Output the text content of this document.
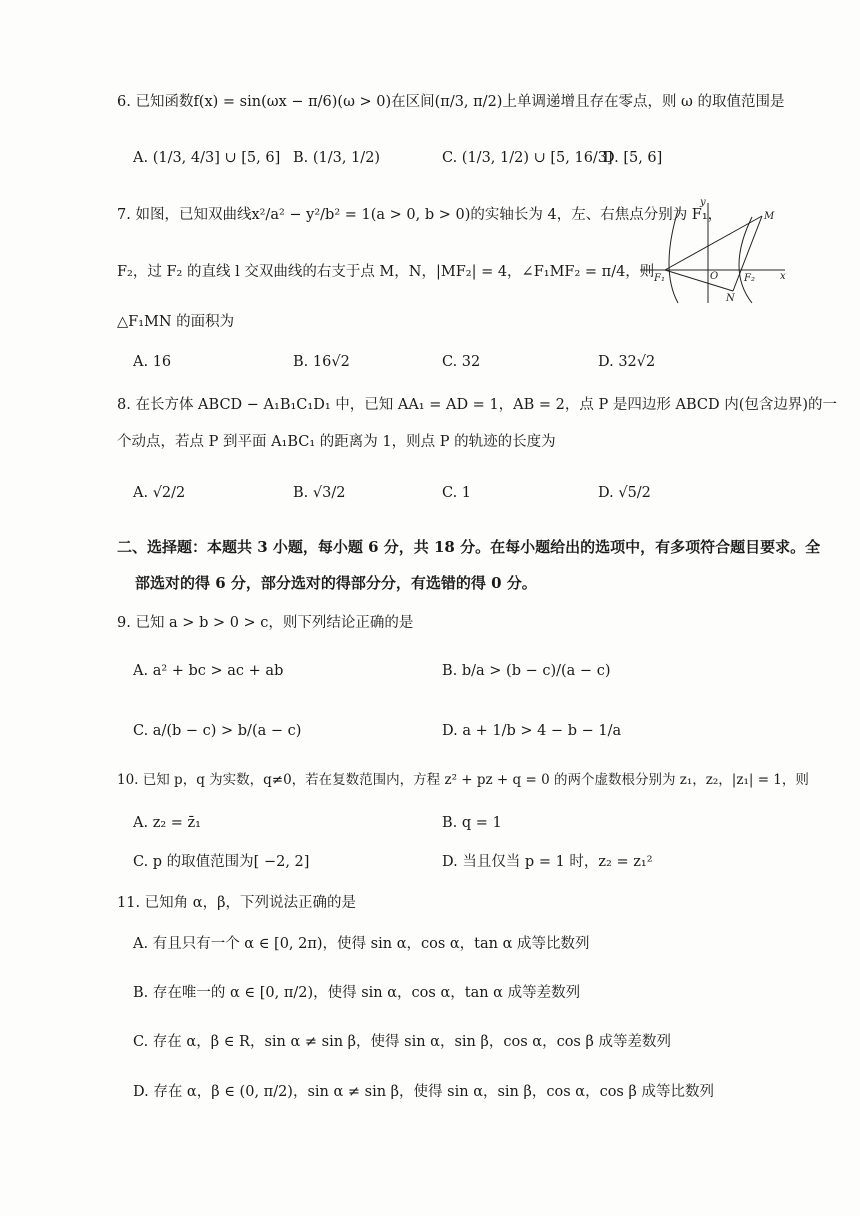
6. 已知函数f(x) = sin(ωx − π/6)(ω > 0)在区间(π/3, π/2)上单调递增且存在零点，则 ω 的取值范围是
A. (1/3, 4/3] ∪ [5, 6] B. (1/3, 1/2)	C. (1/3, 1/2) ∪ [5, 16/3]
D. [5, 6]
7. 如图，已知双曲线x²/a² − y²/b² = 1(a > 0, b > 0)的实轴长为 4，左、右焦点分别为 F₁，
F₂，过 F₂ 的直线 l 交双曲线的右支于点 M，N，|MF₂| = 4，∠F₁MF₂ = π/4，则
△F₁MN 的面积为
A. 16	B. 16√2	C. 32	D. 32√2
y
M
F₁	O	F₂	x
N
8. 在长方体 ABCD − A₁B₁C₁D₁ 中，已知 AA₁ = AD = 1，AB = 2，点 P 是四边形 ABCD 内(包含边界)的一
个动点，若点 P 到平面 A₁BC₁ 的距离为 1，则点 P 的轨迹的长度为
A. √2/2	B. √3/2	C. 1	D. √5/2
二、选择题：本题共 3 小题，每小题 6 分，共 18 分。在每小题给出的选项中，有多项符合题目要求。全
部选对的得 6 分，部分选对的得部分分，有选错的得 0 分。
9. 已知 a > b > 0 > c，则下列结论正确的是
A. a² + bc > ac + ab	B. b/a > (b − c)/(a − c)
C. a/(b − c) > b/(a − c)	D. a + 1/b > 4 − b − 1/a
10. 已知 p，q 为实数，q≠0，若在复数范围内，方程 z² + pz + q = 0 的两个虚数根分别为 z₁，z₂，|z₁| = 1，则
A. z₂ = z̄₁	B. q = 1
C. p 的取值范围为[ −2, 2]	D. 当且仅当 p = 1 时，z₂ = z₁²
11. 已知角 α，β，下列说法正确的是
A. 有且只有一个 α ∈ [0, 2π)，使得 sin α，cos α，tan α 成等比数列
B. 存在唯一的 α ∈ [0, π/2)，使得 sin α，cos α，tan α 成等差数列
C. 存在 α，β ∈ R，sin α ≠ sin β，使得 sin α，sin β，cos α，cos β 成等差数列
D. 存在 α，β ∈ (0, π/2)，sin α ≠ sin β，使得 sin α，sin β，cos α，cos β 成等比数列
